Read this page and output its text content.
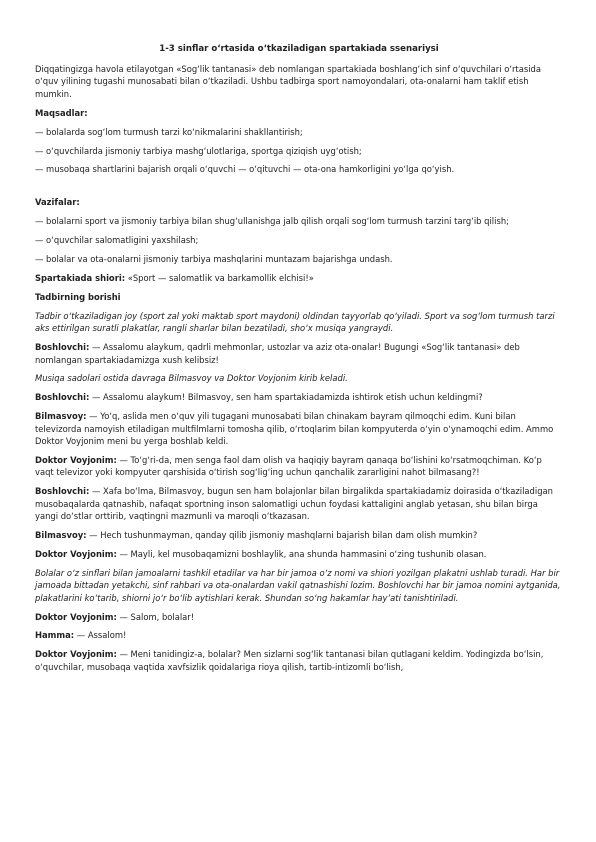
1-3 sinflar o‘rtasida o‘tkaziladigan spartakiada ssenariysi

Diqqatingizga havola etilayotgan «Sog‘lik tantanasi» deb nomlangan spartakiada boshlang‘ich sinf o‘quvchilari o‘rtasida o‘quv yilining tugashi munosabati bilan o‘tkaziladi. Ushbu tadbirga sport namoyondalari, ota-onalarni ham taklif etish mumkin.

Maqsadlar:

— bolalarda sog‘lom turmush tarzi ko‘nikmalarini shakllantirish;

— o‘quvchilarda jismoniy tarbiya mashg‘ulotlariga, sportga qiziqish uyg‘otish;

— musobaqa shartlarini bajarish orqali o‘quvchi — o‘qituvchi — ota-ona hamkorligini yo‘lga qo‘yish.

Vazifalar:

— bolalarni sport va jismoniy tarbiya bilan shug‘ullanishga jalb qilish orqali sog‘lom turmush tarzini targ‘ib qilish;

— o‘quvchilar salomatligini yaxshilash;

— bolalar va ota-onalarni jismoniy tarbiya mashqlarini muntazam bajarishga undash.

Spartakiada shiori: «Sport — salomatlik va barkamollik elchisi!»

Tadbirning borishi

Tadbir o‘tkaziladigan joy (sport zal yoki maktab sport maydoni) oldindan tayyorlab qo‘yiladi. Sport va sog‘lom turmush tarzi aks ettirilgan suratli plakatlar, rangli sharlar bilan bezatiladi, sho‘x musiqa yangraydi.

Boshlovchi: — Assalomu alaykum, qadrli mehmonlar, ustozlar va aziz ota-onalar! Bugungi «Sog‘lik tantanasi» deb nomlangan spartakiadamizga xush kelibsiz!

Musiqa sadolari ostida davraga Bilmasvoy va Doktor Voyjonim kirib keladi.

Boshlovchi: — Assalomu alaykum! Bilmasvoy, sen ham spartakiadamizda ishtirok etish uchun keldingmi?

Bilmasvoy: — Yo‘q, aslida men o‘quv yili tugagani munosabati bilan chinakam bayram qilmoqchi edim. Kuni bilan televizorda namoyish etiladigan multfilmlarni tomosha qilib, o‘rtoqlarim bilan kompyuterda o‘yin o‘ynamoqchi edim. Ammo Doktor Voyjonim meni bu yerga boshlab keldi.

Doktor Voyjonim: — To‘g‘ri-da, men senga faol dam olish va haqiqiy bayram qanaqa bo‘lishini ko‘rsatmoqchiman. Ko‘p vaqt televizor yoki kompyuter qarshisida o‘tirish sog‘lig‘ing uchun qanchalik zararligini nahot bilmasang?!

Boshlovchi: — Xafa bo‘lma, Bilmasvoy, bugun sen ham bolajonlar bilan birgalikda spartakiadamiz doirasida o‘tkaziladigan musobaqalarda qatnashib, nafaqat sportning inson salomatligi uchun foydasi kattaligini anglab yetasan, shu bilan birga yangi do‘stlar orttirib, vaqtingni mazmunli va maroqli o‘tkazasan.

Bilmasvoy: — Hech tushunmayman, qanday qilib jismoniy mashqlarni bajarish bilan dam olish mumkin?

Doktor Voyjonim: — Mayli, kel musobaqamizni boshlaylik, ana shunda hammasini o‘zing tushunib olasan.

Bolalar o‘z sinflari bilan jamoalarni tashkil etadilar va har bir jamoa o‘z nomi va shiori yozilgan plakatni ushlab turadi. Har bir jamoada bittadan yetakchi, sinf rahbari va ota-onalardan vakil qatnashishi lozim. Boshlovchi har bir jamoa nomini aytganida, plakatlarini ko‘tarib, shiorni jo‘r bo‘lib aytishlari kerak. Shundan so‘ng hakamlar hay’ati tanishtiriladi.

Doktor Voyjonim: — Salom, bolalar!

Hamma: — Assalom!

Doktor Voyjonim: — Meni tanidingiz-a, bolalar? Men sizlarni sog‘lik tantanasi bilan qutlagani keldim. Yodingizda bo‘lsin, o‘quvchilar, musobaqa vaqtida xavfsizlik qoidalariga rioya qilish, tartib-intizomli bo‘lish,
